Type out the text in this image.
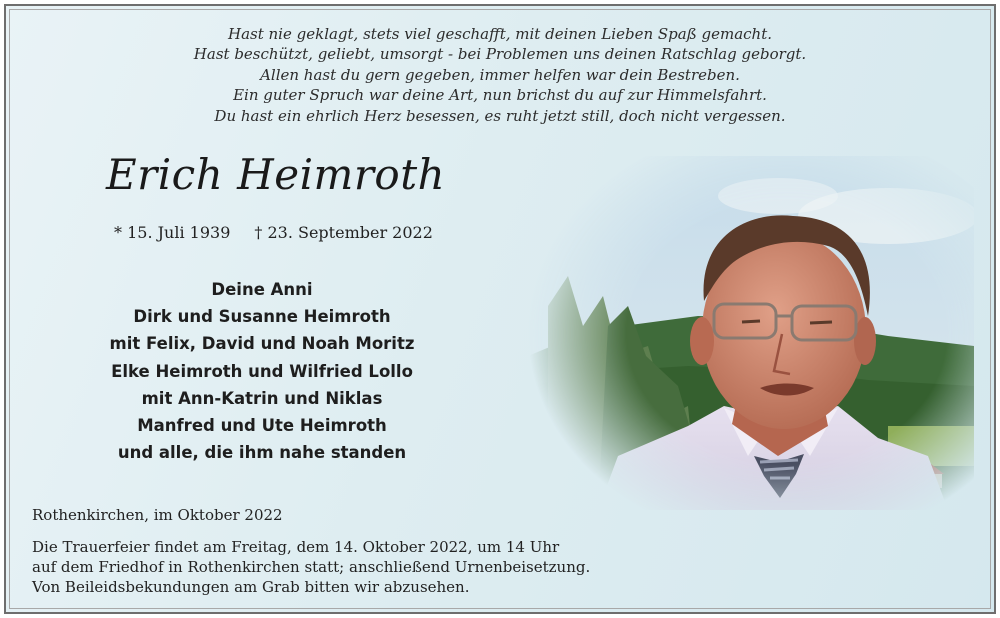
Hast nie geklagt, stets viel geschafft, mit deinen Lieben Spaß gemacht.
Hast beschützt, geliebt, umsorgt - bei Problemen uns deinen Ratschlag geborgt.
Allen hast du gern gegeben, immer helfen war dein Bestreben.
Ein guter Spruch war deine Art, nun brichst du auf zur Himmelsfahrt.
Du hast ein ehrlich Herz besessen, es ruht jetzt still, doch nicht vergessen.
Erich Heimroth
* 15. Juli 1939 † 23. September 2022
Deine Anni
Dirk und Susanne Heimroth
mit Felix, David und Noah Moritz
Elke Heimroth und Wilfried Lollo
mit Ann-Katrin und Niklas
Manfred und Ute Heimroth
und alle, die ihm nahe standen
Rothenkirchen, im Oktober 2022
Die Trauerfeier findet am Freitag, dem 14. Oktober 2022, um 14 Uhr
auf dem Friedhof in Rothenkirchen statt; anschließend Urnenbeisetzung.
Von Beileidsbekundungen am Grab bitten wir abzusehen.
